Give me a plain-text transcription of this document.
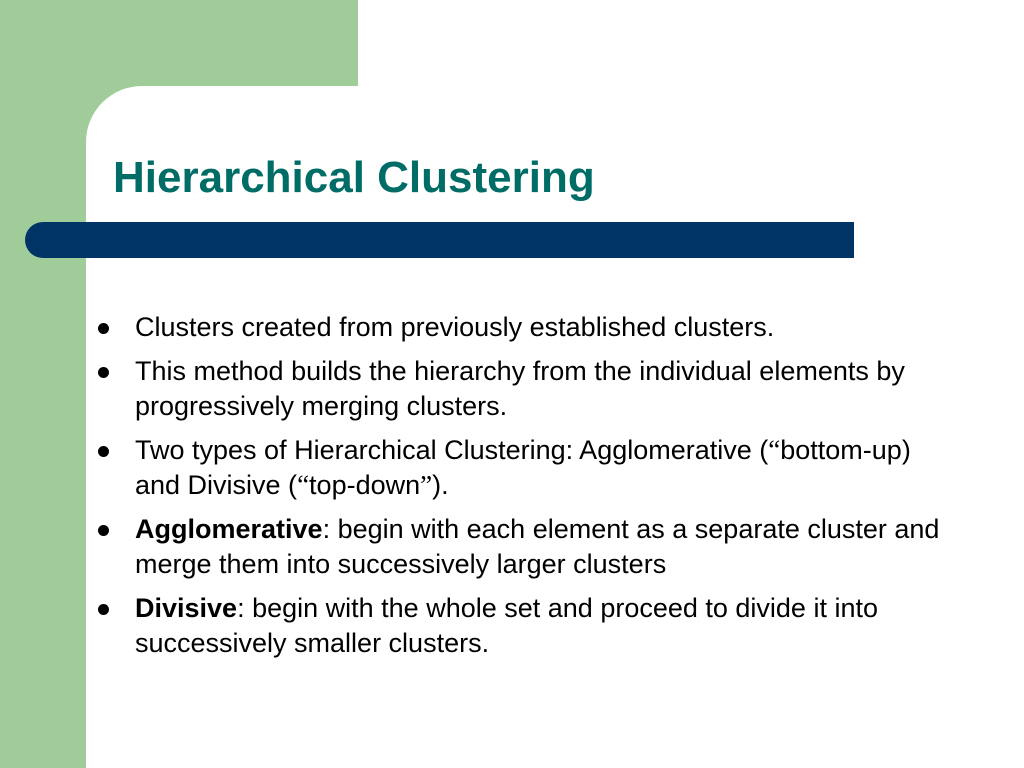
Hierarchical Clustering
Clusters created from previously established clusters.
This method builds the hierarchy from the individual elements by progressively merging clusters.
Two types of Hierarchical Clustering: Agglomerative (“bottom-up) and Divisive (“top-down”).
Agglomerative: begin with each element as a separate cluster and merge them into successively larger clusters
Divisive: begin with the whole set and proceed to divide it into successively smaller clusters.
